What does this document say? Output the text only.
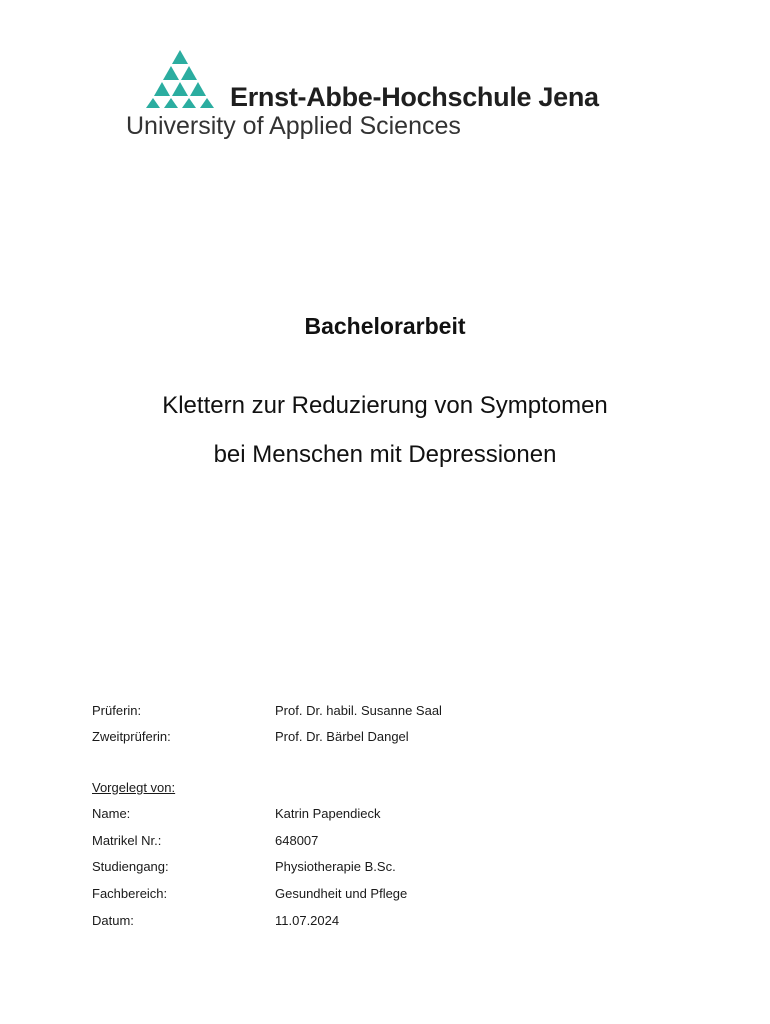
Ernst-Abbe-Hochschule Jena
University of Applied Sciences
Bachelorarbeit
Klettern zur Reduzierung von Symptomen
bei Menschen mit Depressionen
Prüferin:	Prof. Dr. habil. Susanne Saal
Zweitprüferin:	Prof. Dr. Bärbel Dangel
Vorgelegt von:
Name:	Katrin Papendieck
Matrikel Nr.:	648007
Studiengang:	Physiotherapie B.Sc.
Fachbereich:	Gesundheit und Pflege
Datum:	11.07.2024
